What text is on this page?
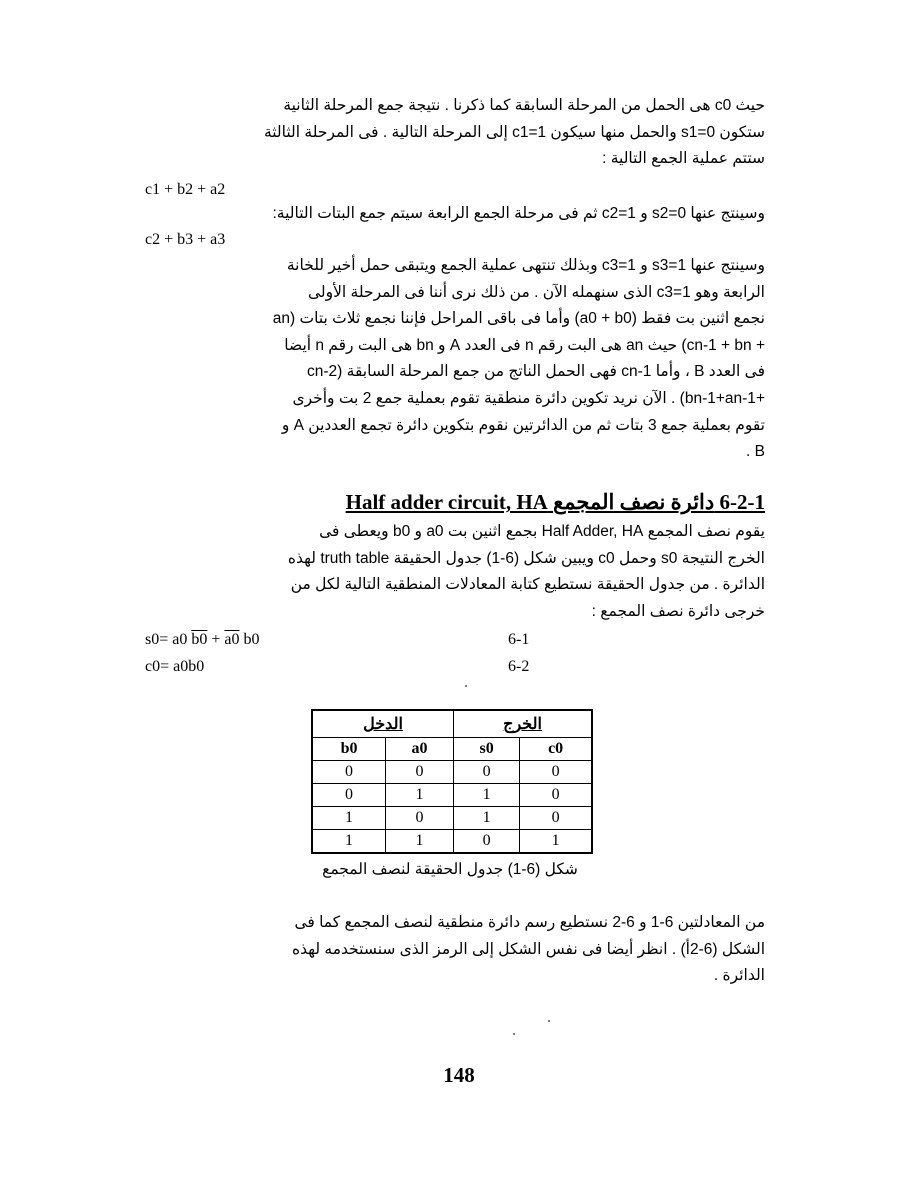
حيث c0 هى الحمل من المرحلة السابقة كما ذكرنا . نتيجة جمع المرحلة الثانية

ستكون s1=0 والحمل منها سيكون c1=1 إلى المرحلة التالية . فى المرحلة الثالثة

ستتم عملية الجمع التالية :

c1 + b2 + a2

وسينتج عنها s2=0 و c2=1 ثم فى مرحلة الجمع الرابعة سيتم جمع البتات التالية:

c2 + b3 + a3

وسينتج عنها s3=1 و c3=1 وبذلك تنتهى عملية الجمع ويتبقى حمل أخير للخانة

الرابعة وهو c3=1 الذى سنهمله الآن . من ذلك نرى أننا فى المرحلة الأولى

نجمع اثنين بت فقط (a0 + b0) وأما فى باقى المراحل فإننا نجمع ثلاث بتات (an

+ cn-1 + bn) حيث an هى البت رقم n فى العدد A و bn هى البت رقم n أيضا

فى العدد B ، وأما cn-1 فهى الحمل الناتج من جمع المرحلة السابقة (cn-2

+bn-1+an-1) . الآن نريد تكوين دائرة منطقية تقوم بعملية جمع 2 بت وأخرى

تقوم بعملية جمع 3 بتات ثم من الدائرتين نقوم بتكوين دائرة تجمع العددين A و

B .

6-2-1 دائرة نصف المجمع Half adder circuit, HA

يقوم نصف المجمع Half Adder, HA بجمع اثنين بت a0 و b0 ويعطى فى

الخرج النتيجة s0 وحمل c0 ويبين شكل (6-1) جدول الحقيقة truth table لهذه

الدائرة . من جدول الحقيقة نستطيع كتابة المعادلات المنطقية التالية لكل من

خرجى دائرة نصف المجمع :

s0= a0 b0 + a0 b0	6-1
c0= a0b0	6-2
الدخل		الخرج	
b0	a0	s0	c0
0	0	0	0
0	1	1	0
1	0	1	0
1	1	0	1
شكل (6-1) جدول الحقيقة لنصف المجمع

من المعادلتين 6-1 و 6-2 نستطيع رسم دائرة منطقية لنصف المجمع كما فى

الشكل (6-2أ) . انظر أيضا فى نفس الشكل إلى الرمز الذى سنستخدمه لهذه

الدائرة .

148
